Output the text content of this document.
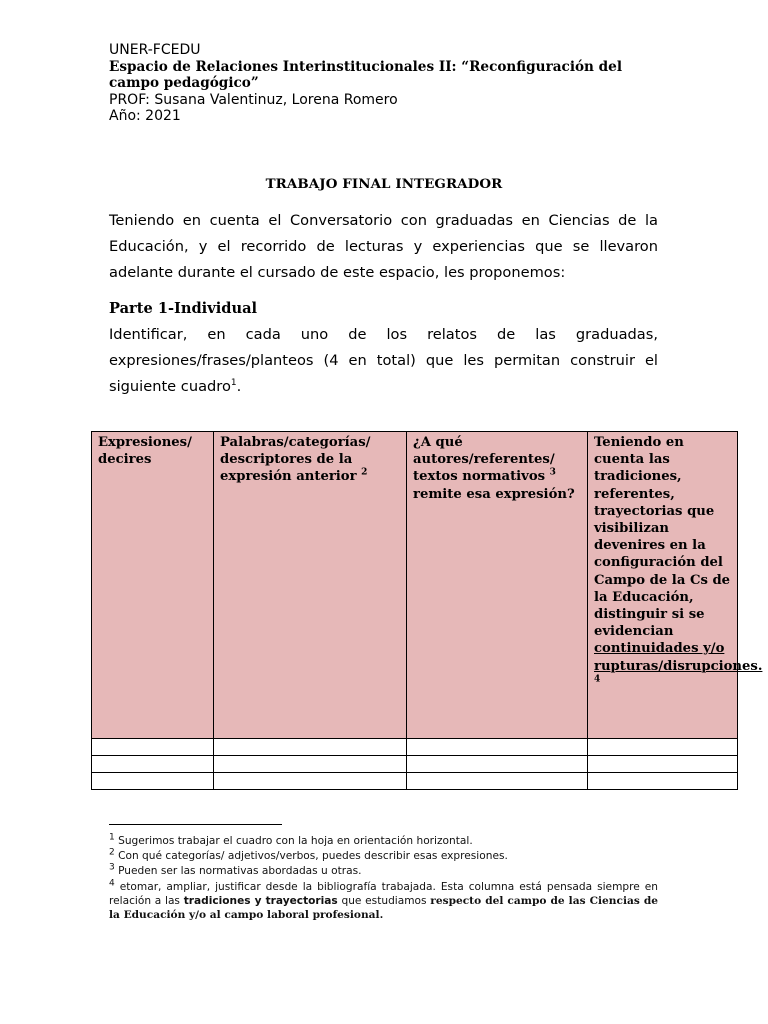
UNER-FCEDU
Espacio de Relaciones Interinstitucionales II: “Reconfiguración del
campo pedagógico”
PROF: Susana Valentinuz, Lorena Romero
Año: 2021
TRABAJO FINAL INTEGRADOR
Teniendo en cuenta el Conversatorio con graduadas en Ciencias de la
Educación, y el recorrido de lecturas y experiencias que se llevaron
adelante durante el cursado de este espacio, les proponemos:
Parte 1-Individual
Identificar, en cada uno de los relatos de las graduadas,
expresiones/frases/planteos (4 en total) que les permitan construir el
siguiente cuadro$^1$.
Expresiones/ decires	Palabras/categorías/ descriptores de la expresión anterior $^2$	¿A qué autores/referentes/ textos normativos $^3$ remite esa expresión?	Teniendo en cuenta las tradiciones, referentes, trayectorias que visibilizan devenires en la configuración del Campo de la Cs de la Educación, distinguir si se evidencian continuidades y/o rupturas/disrupciones. $^4$

$^1$ Sugerimos trabajar el cuadro con la hoja en orientación horizontal.
$^2$ Con qué categorías/ adjetivos/verbos, puedes describir esas expresiones.
$^3$ Pueden ser las normativas abordadas u otras.
$^4$ etomar, ampliar, justificar desde la bibliografía trabajada. Esta columna está pensada siempre en relación a las tradiciones y trayectorias que estudiamos respecto del campo de las Ciencias de la Educación y/o al campo laboral profesional.
